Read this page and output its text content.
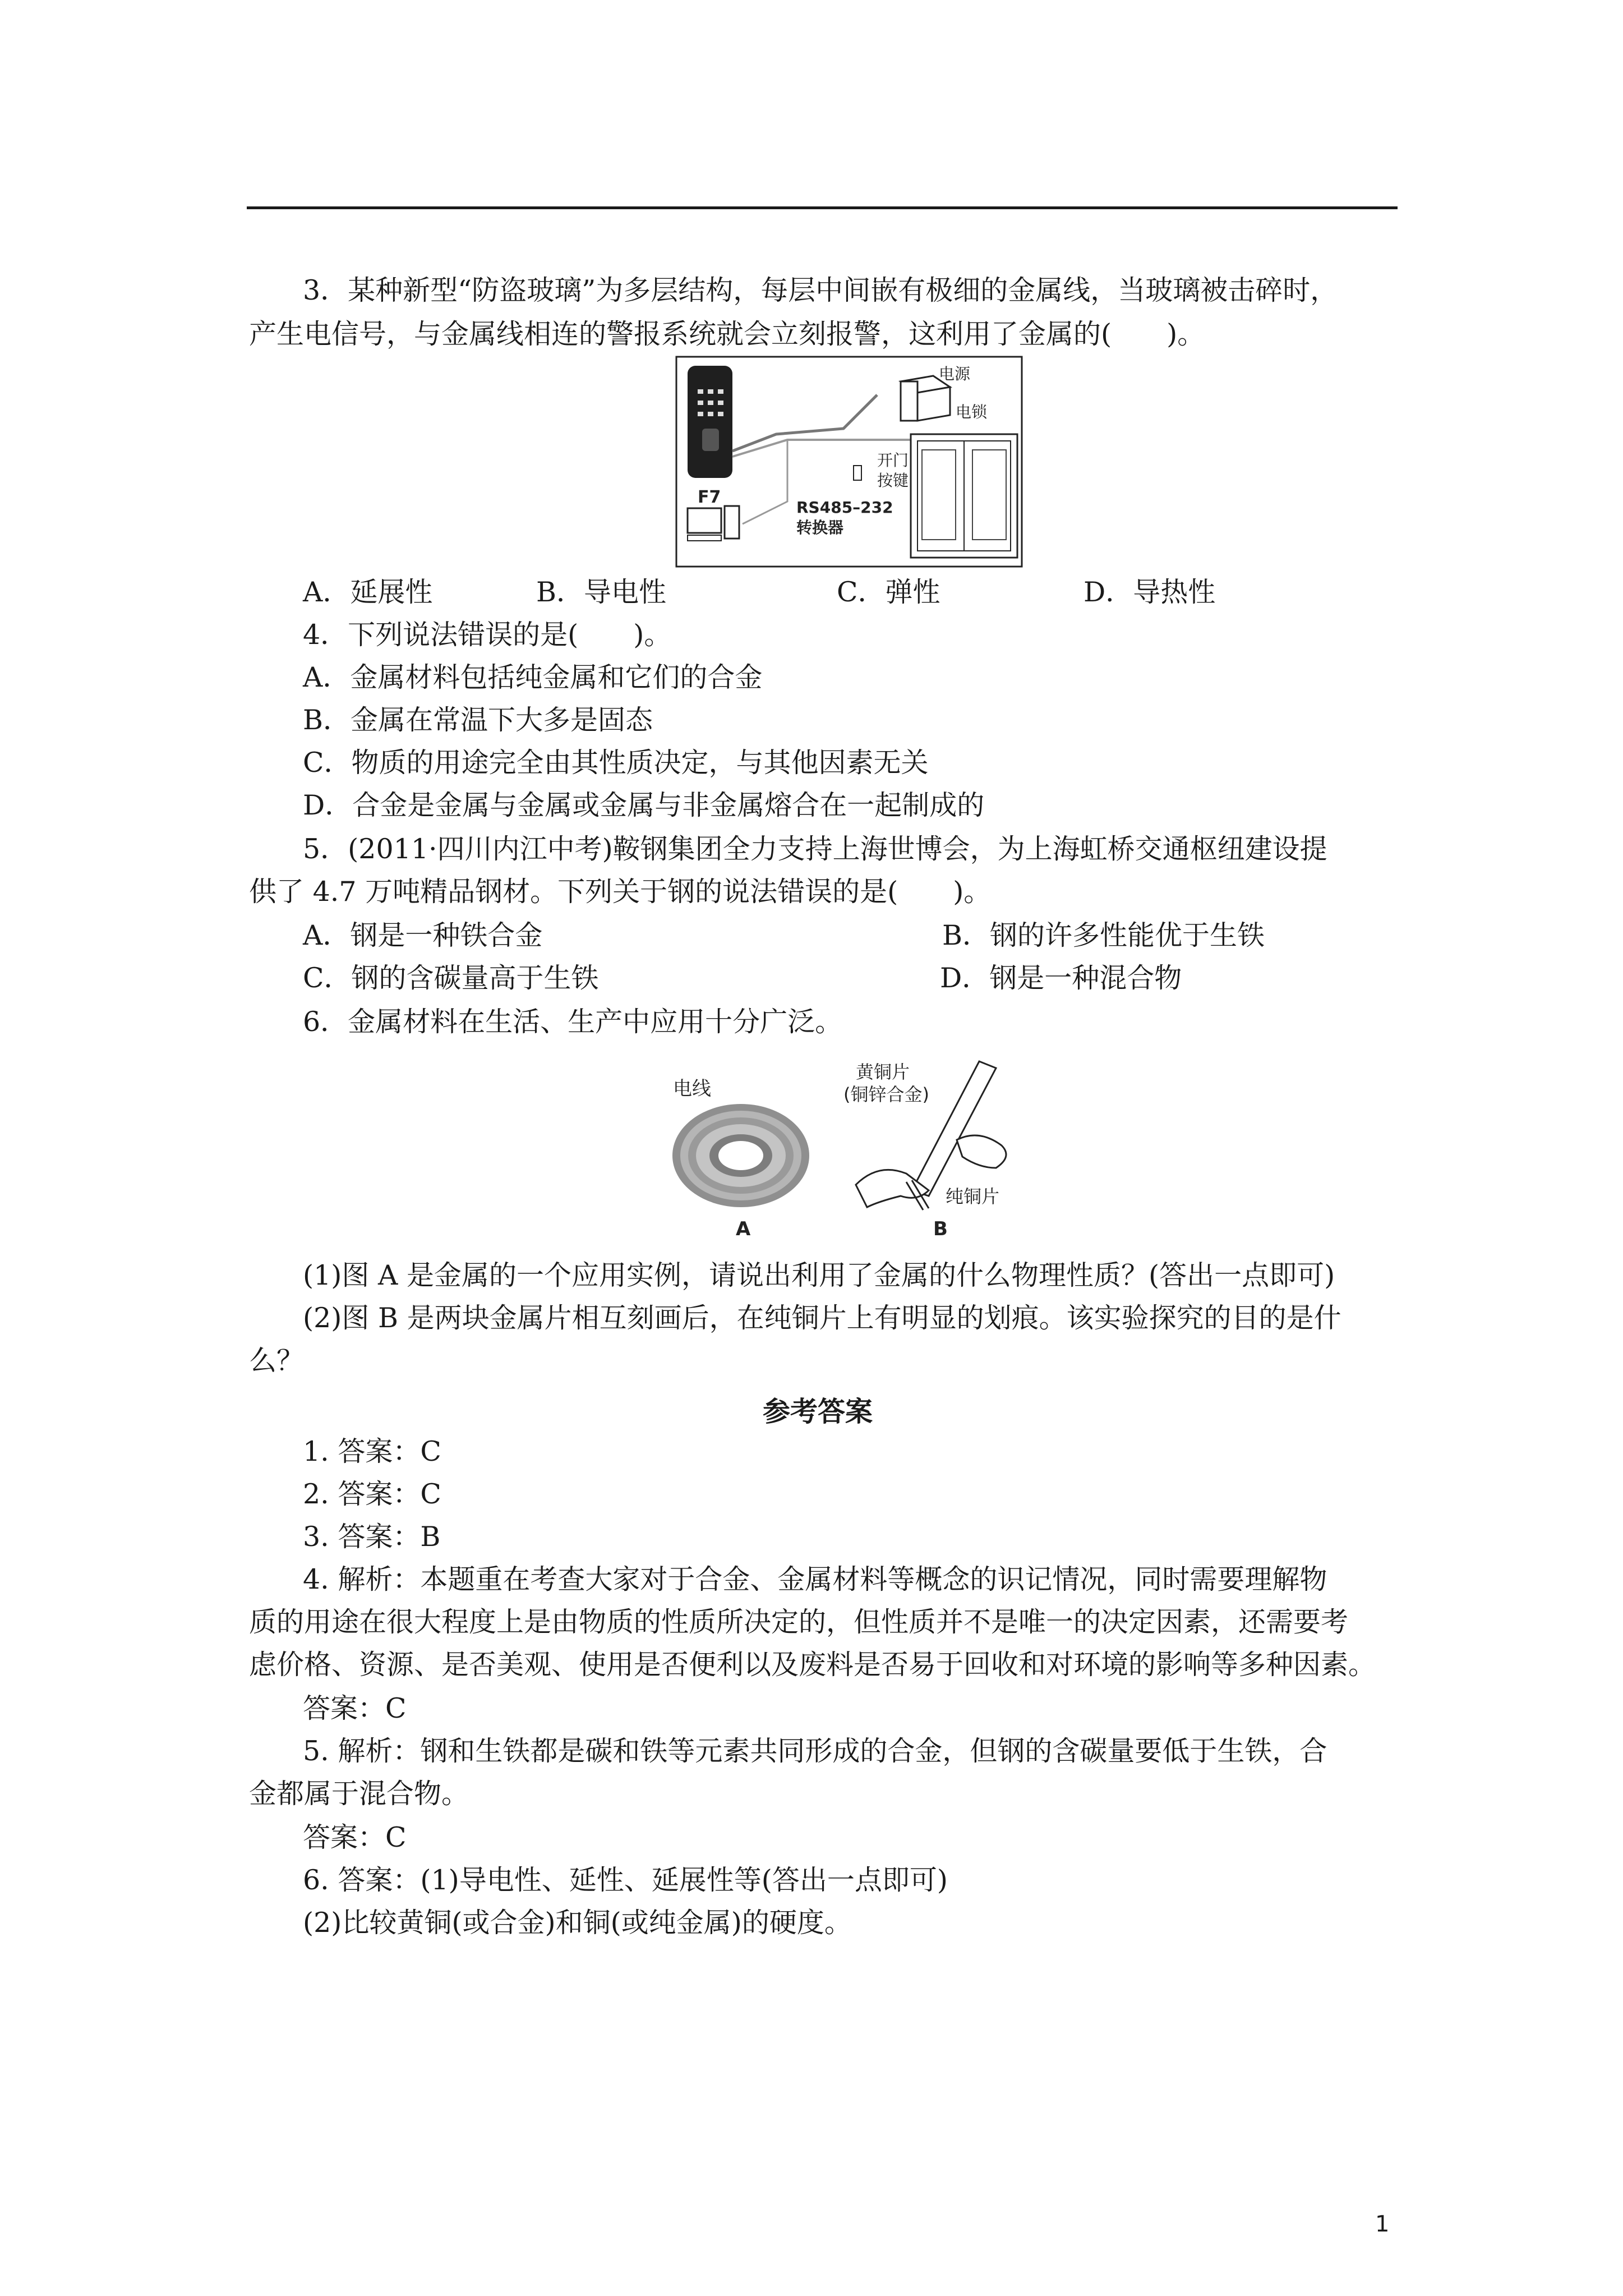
3．某种新型“防盗玻璃”为多层结构，每层中间嵌有极细的金属线，当玻璃被击碎时，
产生电信号，与金属线相连的警报系统就会立刻报警，这利用了金属的(　　)。
电源
电锁
开门
按键
F7
RS485–232
转换器
A．延展性	B．导电性	C．弹性	D．导热性
4．下列说法错误的是(　　)。
A．金属材料包括纯金属和它们的合金
B．金属在常温下大多是固态
C．物质的用途完全由其性质决定，与其他因素无关
D．合金是金属与金属或金属与非金属熔合在一起制成的
5．(2011·四川内江中考)鞍钢集团全力支持上海世博会，为上海虹桥交通枢纽建设提
供了 4.7 万吨精品钢材。下列关于钢的说法错误的是(　　)。
A．钢是一种铁合金	B．钢的许多性能优于生铁
C．钢的含碳量高于生铁	D．钢是一种混合物
6．金属材料在生活、生产中应用十分广泛。
电线
A
黄铜片
(铜锌合金)
纯铜片
B
(1)图 A 是金属的一个应用实例，请说出利用了金属的什么物理性质？(答出一点即可)
(2)图 B 是两块金属片相互刻画后，在纯铜片上有明显的划痕。该实验探究的目的是什
么？
参考答案
1. 答案：C
2. 答案：C
3. 答案：B
4. 解析：本题重在考查大家对于合金、金属材料等概念的识记情况，同时需要理解物
质的用途在很大程度上是由物质的性质所决定的，但性质并不是唯一的决定因素，还需要考
虑价格、资源、是否美观、使用是否便利以及废料是否易于回收和对环境的影响等多种因素。
答案：C
5. 解析：钢和生铁都是碳和铁等元素共同形成的合金，但钢的含碳量要低于生铁，合
金都属于混合物。
答案：C
6. 答案：(1)导电性、延性、延展性等(答出一点即可)
(2)比较黄铜(或合金)和铜(或纯金属)的硬度。
1
